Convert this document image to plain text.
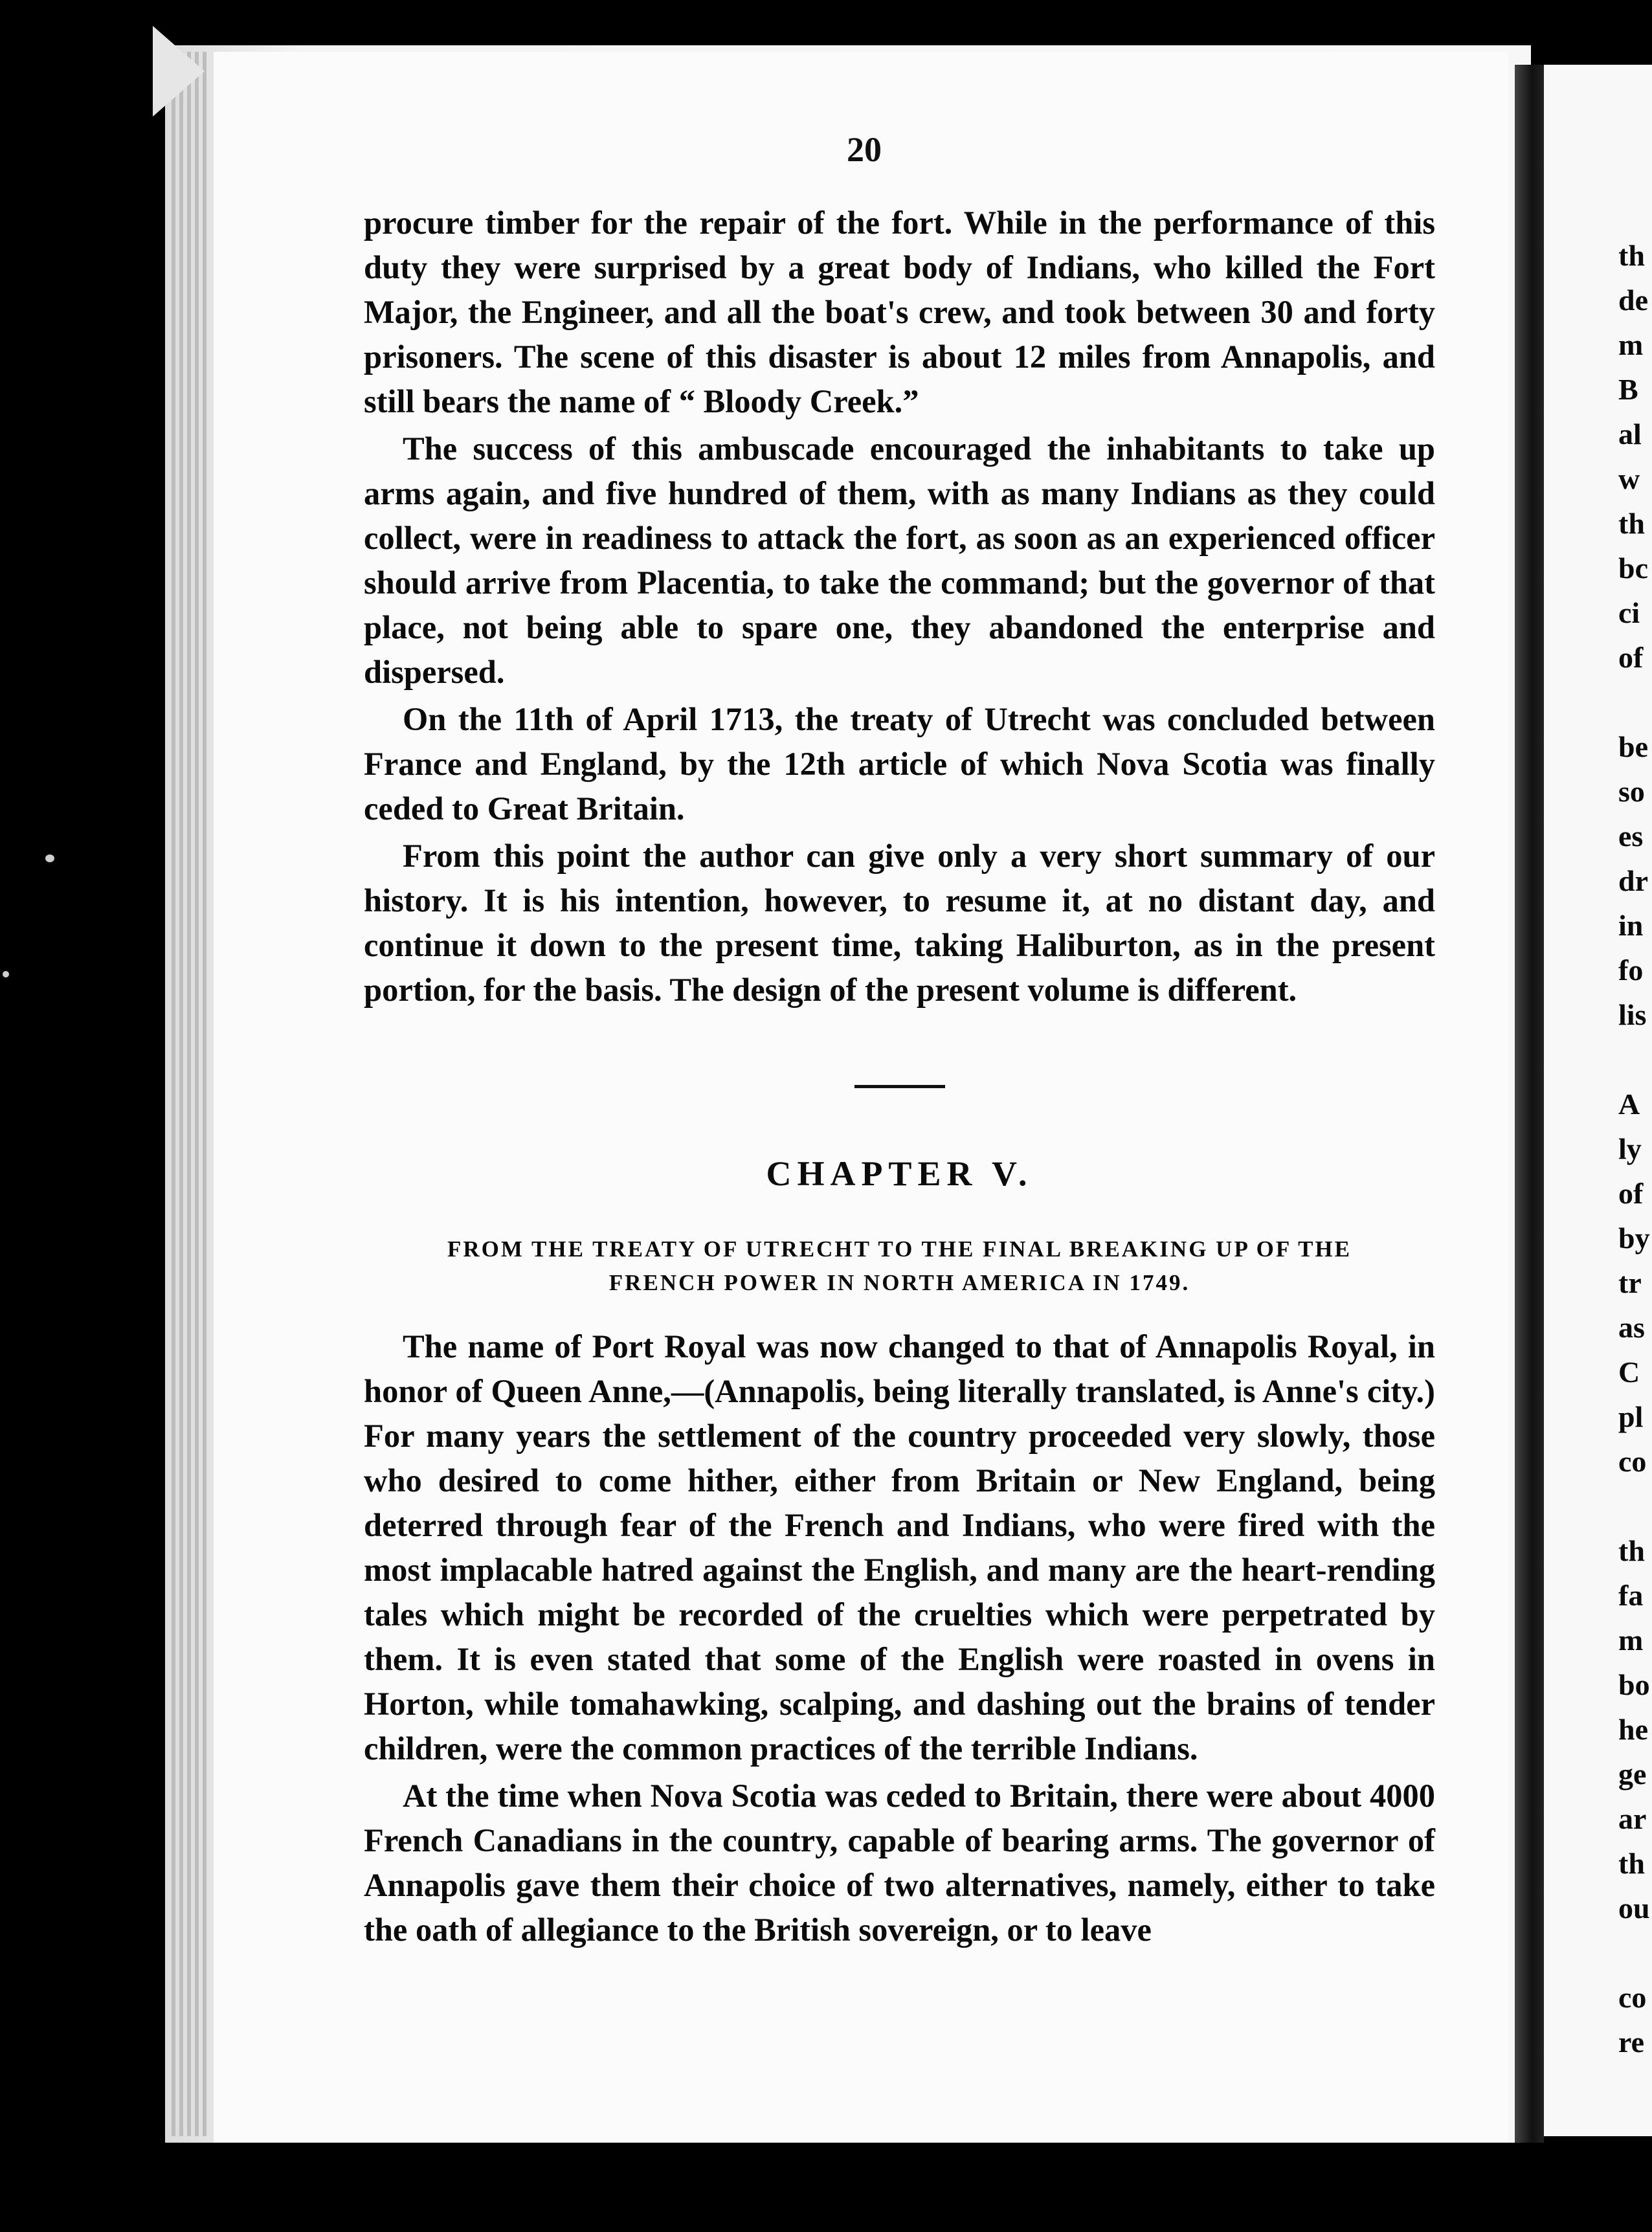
20

procure timber for the repair of the fort. While in the performance of this duty they were surprised by a great body of Indians, who killed the Fort Major, the Engineer, and all the boat's crew, and took between 30 and forty prisoners. The scene of this disaster is about 12 miles from Annapolis, and still bears the name of “ Bloody Creek.”

The success of this ambuscade encouraged the inhabitants to take up arms again, and five hundred of them, with as many Indians as they could collect, were in readiness to attack the fort, as soon as an experienced officer should arrive from Placentia, to take the command; but the governor of that place, not being able to spare one, they abandoned the enterprise and dispersed.

On the 11th of April 1713, the treaty of Utrecht was concluded between France and England, by the 12th article of which Nova Scotia was finally ceded to Great Britain.

From this point the author can give only a very short summary of our history. It is his intention, however, to resume it, at no distant day, and continue it down to the present time, taking Haliburton, as in the present portion, for the basis. The design of the present volume is different.

CHAPTER V.
FROM THE TREATY OF UTRECHT TO THE FINAL BREAKING UP OF THE
FRENCH POWER IN NORTH AMERICA IN 1749.

The name of Port Royal was now changed to that of Annapolis Royal, in honor of Queen Anne,—(Annapolis, being literally translated, is Anne's city.) For many years the settlement of the country proceeded very slowly, those who desired to come hither, either from Britain or New England, being deterred through fear of the French and Indians, who were fired with the most implacable hatred against the English, and many are the heart-rending tales which might be recorded of the cruelties which were perpetrated by them. It is even stated that some of the English were roasted in ovens in Horton, while tomahawking, scalping, and dashing out the brains of tender children, were the common practices of the terrible Indians.

At the time when Nova Scotia was ceded to Britain, there were about 4000 French Canadians in the country, capable of bearing arms. The governor of Annapolis gave them their choice of two alternatives, namely, either to take the oath of allegiance to the British sovereign, or to leave

th
de
m
B
al
w
th
bc
ci
of
be
so
es
dr
in
fo
lis
A
ly
of
by
tr
as
C
pl
co
th
fa
m
bo
he
ge
ar
th
ou
co
re
